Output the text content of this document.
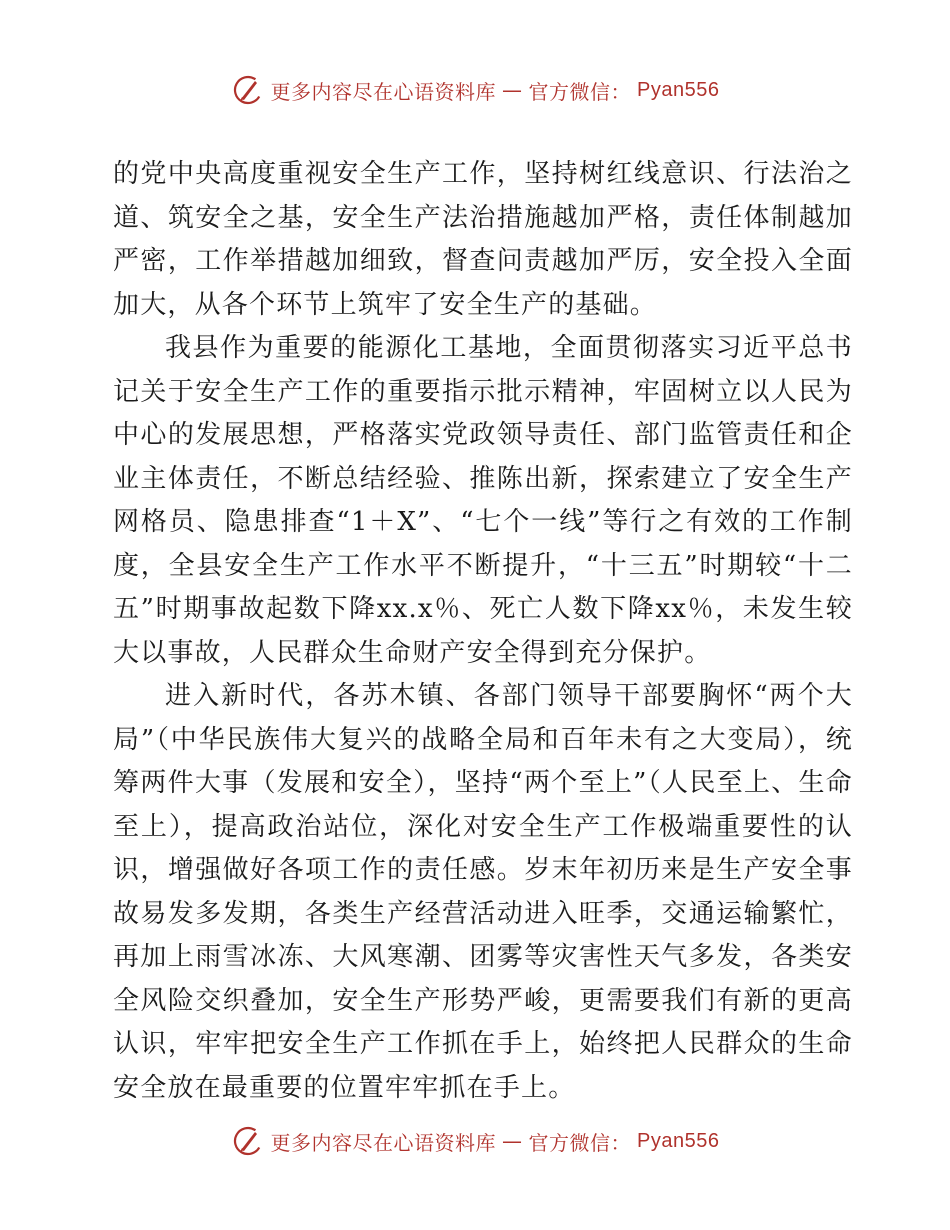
更多内容尽在心语资料库 — 官方微信： Pyan556

的党中央高度重视安全生产工作，坚持树红线意识、行法治之道、筑安全之基，安全生产法治措施越加严格，责任体制越加严密，工作举措越加细致，督查问责越加严厉，安全投入全面加大，从各个环节上筑牢了安全生产的基础。

我县作为重要的能源化工基地，全面贯彻落实习近平总书记关于安全生产工作的重要指示批示精神，牢固树立以人民为中心的发展思想，严格落实党政领导责任、部门监管责任和企业主体责任，不断总结经验、推陈出新，探索建立了安全生产网格员、隐患排查“1＋X”、“七个一线”等行之有效的工作制度，全县安全生产工作水平不断提升，“十三五”时期较“十二五”时期事故起数下降xx.x％、死亡人数下降xx％，未发生较大以事故，人民群众生命财产安全得到充分保护。

进入新时代，各苏木镇、各部门领导干部要胸怀“两个大局”（中华民族伟大复兴的战略全局和百年未有之大变局），统筹两件大事（发展和安全），坚持“两个至上”（人民至上、生命至上），提高政治站位，深化对安全生产工作极端重要性的认识，增强做好各项工作的责任感。岁末年初历来是生产安全事故易发多发期，各类生产经营活动进入旺季，交通运输繁忙，再加上雨雪冰冻、大风寒潮、团雾等灾害性天气多发，各类安全风险交织叠加，安全生产形势严峻，更需要我们有新的更高认识，牢牢把安全生产工作抓在手上，始终把人民群众的生命安全放在最重要的位置牢牢抓在手上。

更多内容尽在心语资料库 — 官方微信： Pyan556
